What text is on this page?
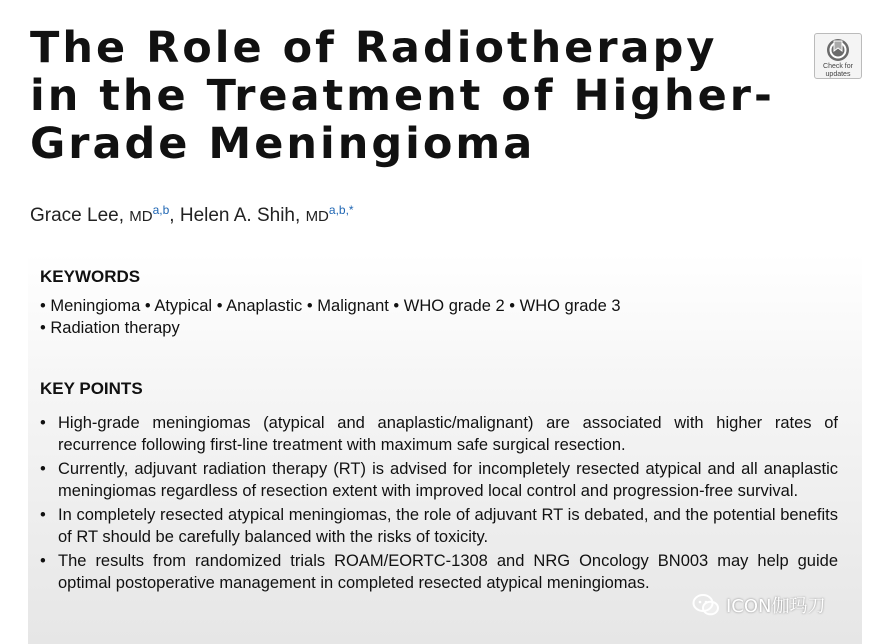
The Role of Radiotherapy
in the Treatment of Higher-
Grade Meningioma
Check for
updates

Grace Lee, MD$^{a,b}$, Helen A. Shih, $MD^{a,b,*}$

KEYWORDS
• Meningioma • Atypical • Anaplastic • Malignant • WHO grade 2 • WHO grade 3
• Radiation therapy
KEY POINTS
• High-grade meningiomas (atypical and anaplastic/malignant) are associated with higher rates of recurrence following first-line treatment with maximum safe surgical resection.
• Currently, adjuvant radiation therapy (RT) is advised for incompletely resected atypical and all anaplastic meningiomas regardless of resection extent with improved local control and progression-free survival.
• In completely resected atypical meningiomas, the role of adjuvant RT is debated, and the potential benefits of RT should be carefully balanced with the risks of toxicity.
• The results from randomized trials ROAM/EORTC-1308 and NRG Oncology BN003 may help guide optimal postoperative management in completed resected atypical meningiomas.
ICON伽玛刀
